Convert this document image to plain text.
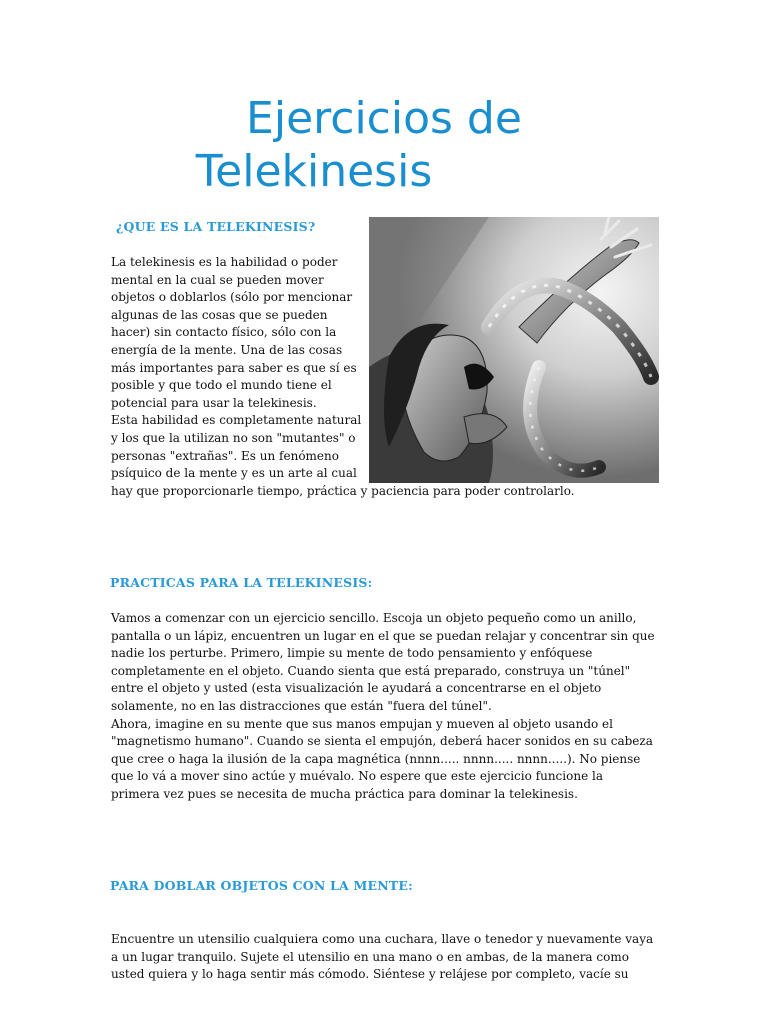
Ejercicios de
Telekinesis
¿QUE ES LA TELEKINESIS?
La telekinesis es la habilidad o poder
mental en la cual se pueden mover
objetos o doblarlos (sólo por mencionar
algunas de las cosas que se pueden
hacer) sin contacto físico, sólo con la
energía de la mente. Una de las cosas
más importantes para saber es que sí es
posible y que todo el mundo tiene el
potencial para usar la telekinesis.
Esta habilidad es completamente natural
y los que la utilizan no son "mutantes" o
personas "extrañas". Es un fenómeno
psíquico de la mente y es un arte al cual
hay que proporcionarle tiempo, práctica y paciencia para poder controlarlo.
PRACTICAS PARA LA TELEKINESIS:
Vamos a comenzar con un ejercicio sencillo. Escoja un objeto pequeño como un anillo,
pantalla o un lápiz, encuentren un lugar en el que se puedan relajar y concentrar sin que
nadie los perturbe. Primero, limpie su mente de todo pensamiento y enfóquese
completamente en el objeto. Cuando sienta que está preparado, construya un "túnel"
entre el objeto y usted (esta visualización le ayudará a concentrarse en el objeto
solamente, no en las distracciones que están "fuera del túnel".
Ahora, imagine en su mente que sus manos empujan y mueven al objeto usando el
"magnetismo humano". Cuando se sienta el empujón, deberá hacer sonidos en su cabeza
que cree o haga la ilusión de la capa magnética (nnnn..... nnnn..... nnnn.....). No piense
que lo vá a mover sino actúe y muévalo. No espere que este ejercicio funcione la
primera vez pues se necesita de mucha práctica para dominar la telekinesis.
PARA DOBLAR OBJETOS CON LA MENTE:
Encuentre un utensilio cualquiera como una cuchara, llave o tenedor y nuevamente vaya
a un lugar tranquilo. Sujete el utensilio en una mano o en ambas, de la manera como
usted quiera y lo haga sentir más cómodo. Siéntese y relájese por completo, vacíe su
